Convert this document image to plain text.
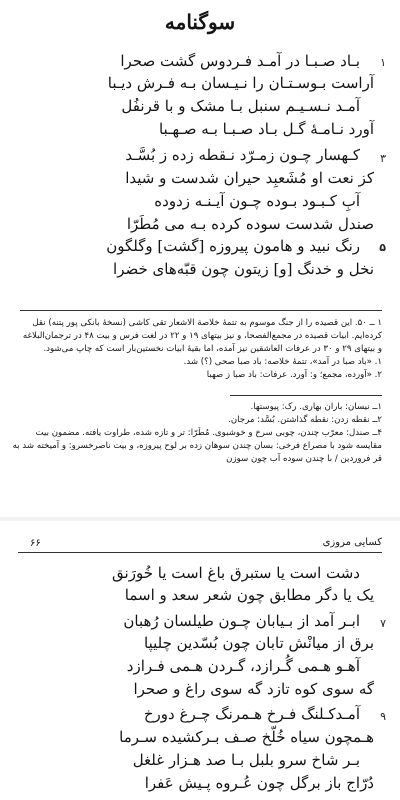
سوگنامه
۱
بـاد صـبـا در آمـد فـردوس گشت صحرا
آراست بـوسـتـان را نـیـسان بـه فـرش دیـبا
آمـد نـسـیـم سنبل بـا مشک و با قرنفُل
آورد نـامـهٔ گـل بـاد صـبـا بـه صـهـبا
۳
کـهسار چـون زمـرّد نـقطه زده ز بُسَّـد
کز نعت او مُشَعبِد حیران شدست و شیدا
آبِ کـبـود بـوده چـون آیـنـه زدوده
صندل شدست سوده کرده بـه می مُطَرّا
۵
رنگ نبید و هامون پیروزه [گشت] وگلگون
نخل و خدنگ [و] زیتون چون قبّه‌های خضرا
۱ ــ ۵۰. این قصیده را از جنگ موسوم به تتمهٔ خلاصة الاشعار تقی کاشی (نسخهٔ بانکی پور پتنه) نقل
کرده‌ایم. ابیات قصیده در مجمع‌الفصحا، و نیز بیتهای ۱۹ و ۲۲ در لغت فرس و بیت ۴۸ در ترجمان‌البلاغه
و بیتهای ۲۹ و ۳۰ در عرفات العاشقین نیز آمده، اما بقیهٔ ابیات نخستین‌بار است که چاپ می‌شود.
۱. «باد صبا در آمد»، تتمهٔ خلاصه: باد صبا صحی (؟) شد.
۲. «آورده، مجمع؛ و: آورد. عرفات: باد صبا ز صهبا
۱ــ نیسان: باران بهاری. رک: پیوستها.
۲ــ نقطه زدن: نقطه گذاشتن. بُسَّد: مرجان.
۴ــ صندل: معرّب چندن، چوبی سرخ و خوشبوی. مُطَرّا: تر و تازه شده، طراوت یافته. مضمون بیت
مقایسه شود با مصراع فرخی: بسان چندن سوهان زده بر لوح پیروزه، و بیت ناصرخسرو: و آمیخته شد به
قر فروردین / با چندن سوده آب چون سوزن
۶۶	کسایی مروزی
دشت است یا ستبرق باغ است یا خُورَنق
یک یا دگر مطابق چون شعر سعد و اسما
۷
ابـر آمد از بـیابان چـون طیلسان رُهبان
برق از میانْش تابان چون بُسّدین چلیپا
آهـو هـمی گُـرازد، گـردن هـمی فـرازد
گه سوی کوه تازد گه سوی راغ و صحرا
۹
آمـدکـلنگ فـرخ هـمرنگ چـرغ دورخ
هـمچون سیاه خُلّخ صـف بـرکشیده سـرما
بـر شاخ سرو بلبل بـا صد هـزار غلغل
دُرّاج باز برگل چون عُـروه پـیش عَفرا
